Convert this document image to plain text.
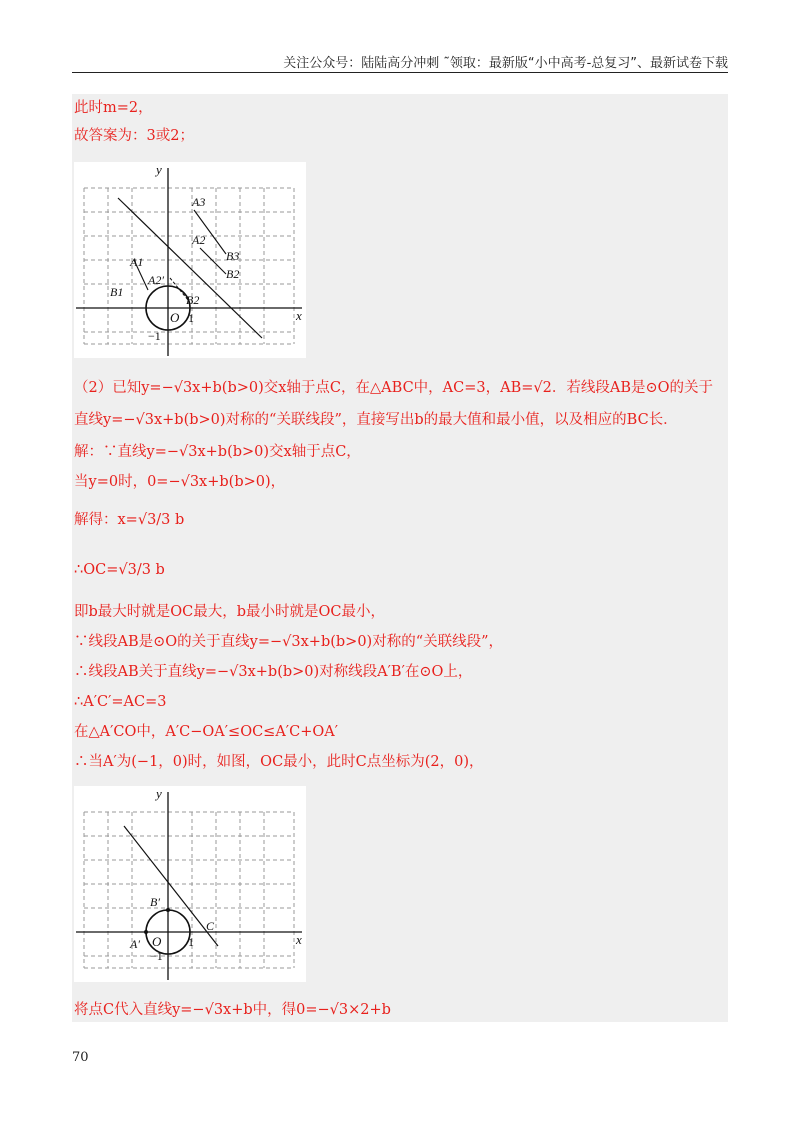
关注公众号：陆陆高分冲刺 ˜领取：最新版“小中高考-总复习”、最新试卷下载
此时m=2，
故答案为：3或2；
y
x
O 1
−1
A3
A2
B3
B2
A1
A2′
B1
B2
（2）已知y=−√3x+b(b>0)交x轴于点C，在△ABC中，AC=3，AB=√2．若线段AB是⊙O的关于
直线y=−√3x+b(b>0)对称的“关联线段”，直接写出b的最大值和最小值，以及相应的BC长．
解：∵直线y=−√3x+b(b>0)交x轴于点C，
当y=0时，0=−√3x+b(b>0)，
解得：x=√3/3 b
∴OC=√3/3 b
即b最大时就是OC最大，b最小时就是OC最小，
∵线段AB是⊙O的关于直线y=−√3x+b(b>0)对称的“关联线段”，
∴线段AB关于直线y=−√3x+b(b>0)对称线段A′B′在⊙O上，
∴A′C′=AC=3
在△A′CO中，A′C−OA′≤OC≤A′C+OA′
∴当A′为(−1，0)时，如图，OC最小，此时C点坐标为(2，0)，
y
x
O 1
−1
B′
A′
C
将点C代入直线y=−√3x+b中，得0=−√3×2+b
70
